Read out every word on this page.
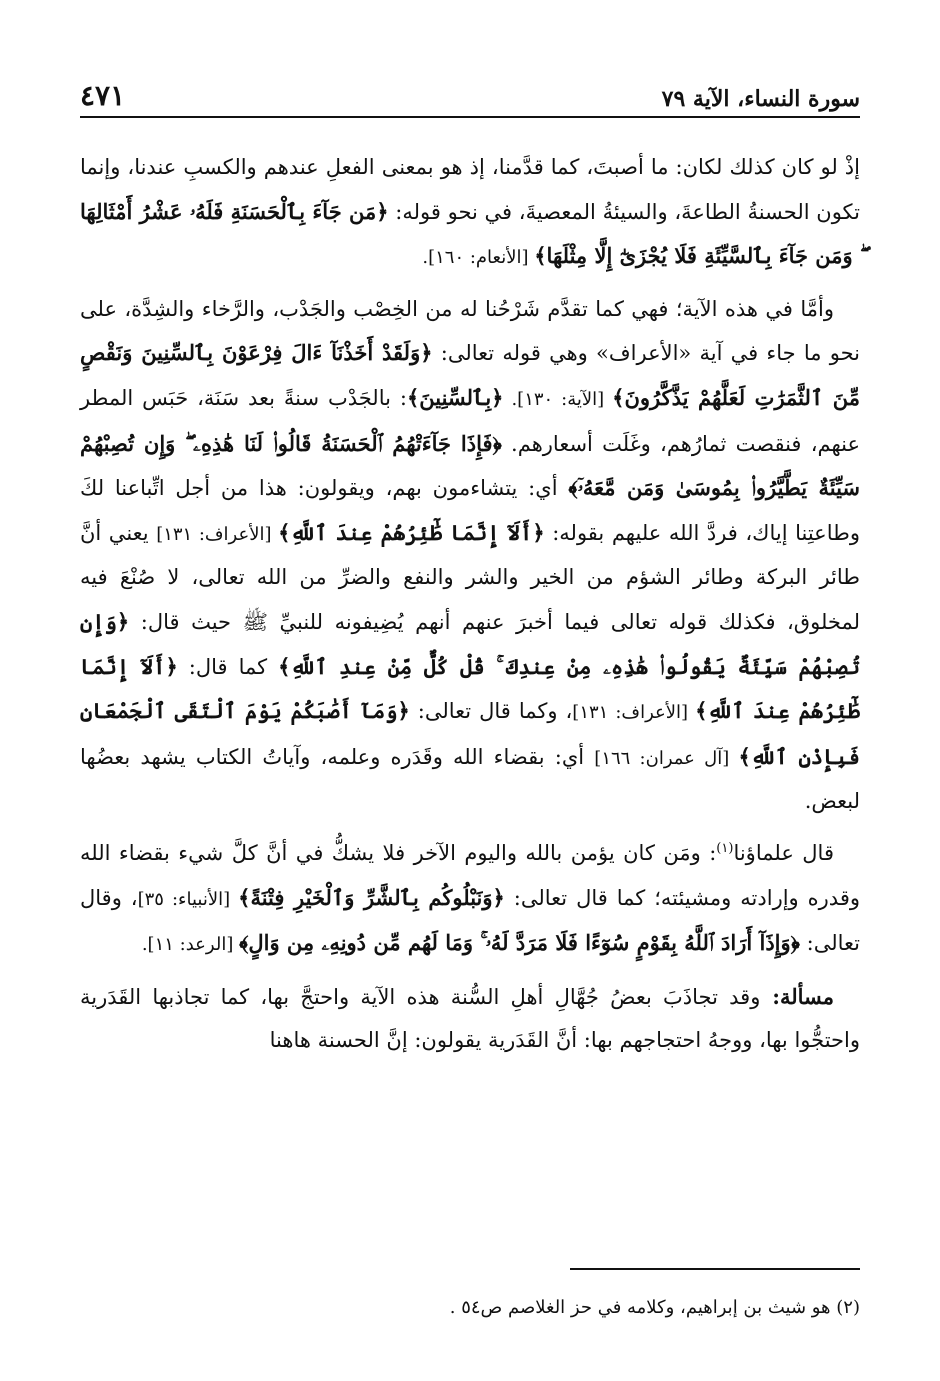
٤٧١	سورة النساء، الآية ٧٩

إذْ لو كان كذلك لكان: ما أصبتَ، كما قدَّمنا، إذ هو بمعنى الفعلِ عندهم والكسبِ عندنا، وإنما تكون الحسنةُ الطاعةَ، والسيئةُ المعصيةَ، في نحو قوله: ﴿مَن جَآءَ بِٱلْحَسَنَةِ فَلَهُۥ عَشْرُ أَمْثَالِهَا ۖ وَمَن جَآءَ بِٱلسَّيِّئَةِ فَلَا يُجْزَىٰٓ إِلَّا مِثْلَهَا﴾ [الأنعام: ١٦٠].

وأمَّا في هذه الآية؛ فهي كما تقدَّم شَرْحُنا له من الخِصْب والجَدْب، والرَّخاء والشِدَّة، على نحو ما جاء في آية «الأعراف» وهي قوله تعالى: ﴿وَلَقَدْ أَخَذْنَآ ءَالَ فِرْعَوْنَ بِٱلسِّنِينَ وَنَقْصٍ مِّنَ ٱلثَّمَرَٰتِ لَعَلَّهُمْ يَذَّكَّرُونَ﴾ [الآية: ١٣٠]. ﴿بِٱلسِّنِينَ﴾: بالجَدْب سنةً بعد سَنَة، حَبَس المطر عنهم، فنقصت ثمارُهم، وغَلَت أسعارهم. ﴿فَإِذَا جَآءَتْهُمُ ٱلْحَسَنَةُ قَالُوا۟ لَنَا هَٰذِهِۦ ۖ وَإِن تُصِبْهُمْ سَيِّئَةٌ يَطَّيَّرُوا۟ بِمُوسَىٰ وَمَن مَّعَهُۥٓ﴾ أي: يتشاءمون بهم، ويقولون: هذا من أجل اتِّباعنا لكَ وطاعتِنا إياك، فردَّ الله عليهم بقوله: ﴿أَلَآ إِنَّمَا طَٰٓئِرُهُمْ عِندَ ٱللَّهِ﴾ [الأعراف: ١٣١] يعني أنَّ طائر البركة وطائر الشؤم من الخير والشر والنفع والضرِّ من الله تعالى، لا صُنْعَ فيه لمخلوق، فكذلك قوله تعالى فيما أخبرَ عنهم أنهم يُضِيفونه للنبيِّ ﷺ حيث قال: ﴿وَإِن تُصِبْهُمْ سَيِّئَةٌ يَقُولُوا۟ هَٰذِهِۦ مِنْ عِندِكَ ۚ قُلْ كُلٌّ مِّنْ عِندِ ٱللَّهِ﴾ كما قال: ﴿أَلَآ إِنَّمَا طَٰٓئِرُهُمْ عِندَ ٱللَّهِ﴾ [الأعراف: ١٣١]، وكما قال تعالى: ﴿وَمَآ أَصَٰبَكُمْ يَوْمَ ٱلْتَقَى ٱلْجَمْعَانِ فَبِإِذْنِ ٱللَّهِ﴾ [آل عمران: ١٦٦] أي: بقضاء الله وقَدَره وعلمه، وآياتُ الكتاب يشهد بعضُها لبعض.

قال علماؤنا$^{(١)}$: ومَن كان يؤمن بالله واليوم الآخر فلا يشكُّ في أنَّ كلَّ شيء بقضاء الله وقدره وإرادته ومشيئته؛ كما قال تعالى: ﴿وَنَبْلُوكُم بِٱلشَّرِّ وَٱلْخَيْرِ فِتْنَةً﴾ [الأنبياء: ٣٥]، وقال تعالى: ﴿وَإِذَآ أَرَادَ ٱللَّهُ بِقَوْمٍ سُوٓءًا فَلَا مَرَدَّ لَهُۥ ۚ وَمَا لَهُم مِّن دُونِهِۦ مِن وَالٍ﴾ [الرعد: ١١].

مسألة: وقد تجاذَبَ بعضُ جُهَّالِ أهلِ السُّنة هذه الآية واحتجَّ بها، كما تجاذبها القَدَرية واحتجُّوا بها، ووجهُ احتجاجهم بها: أنَّ القَدَرية يقولون: إنَّ الحسنة هاهنا

(٢) هو شيث بن إبراهيم، وكلامه في حز الغلاصم ص٥٤ .
